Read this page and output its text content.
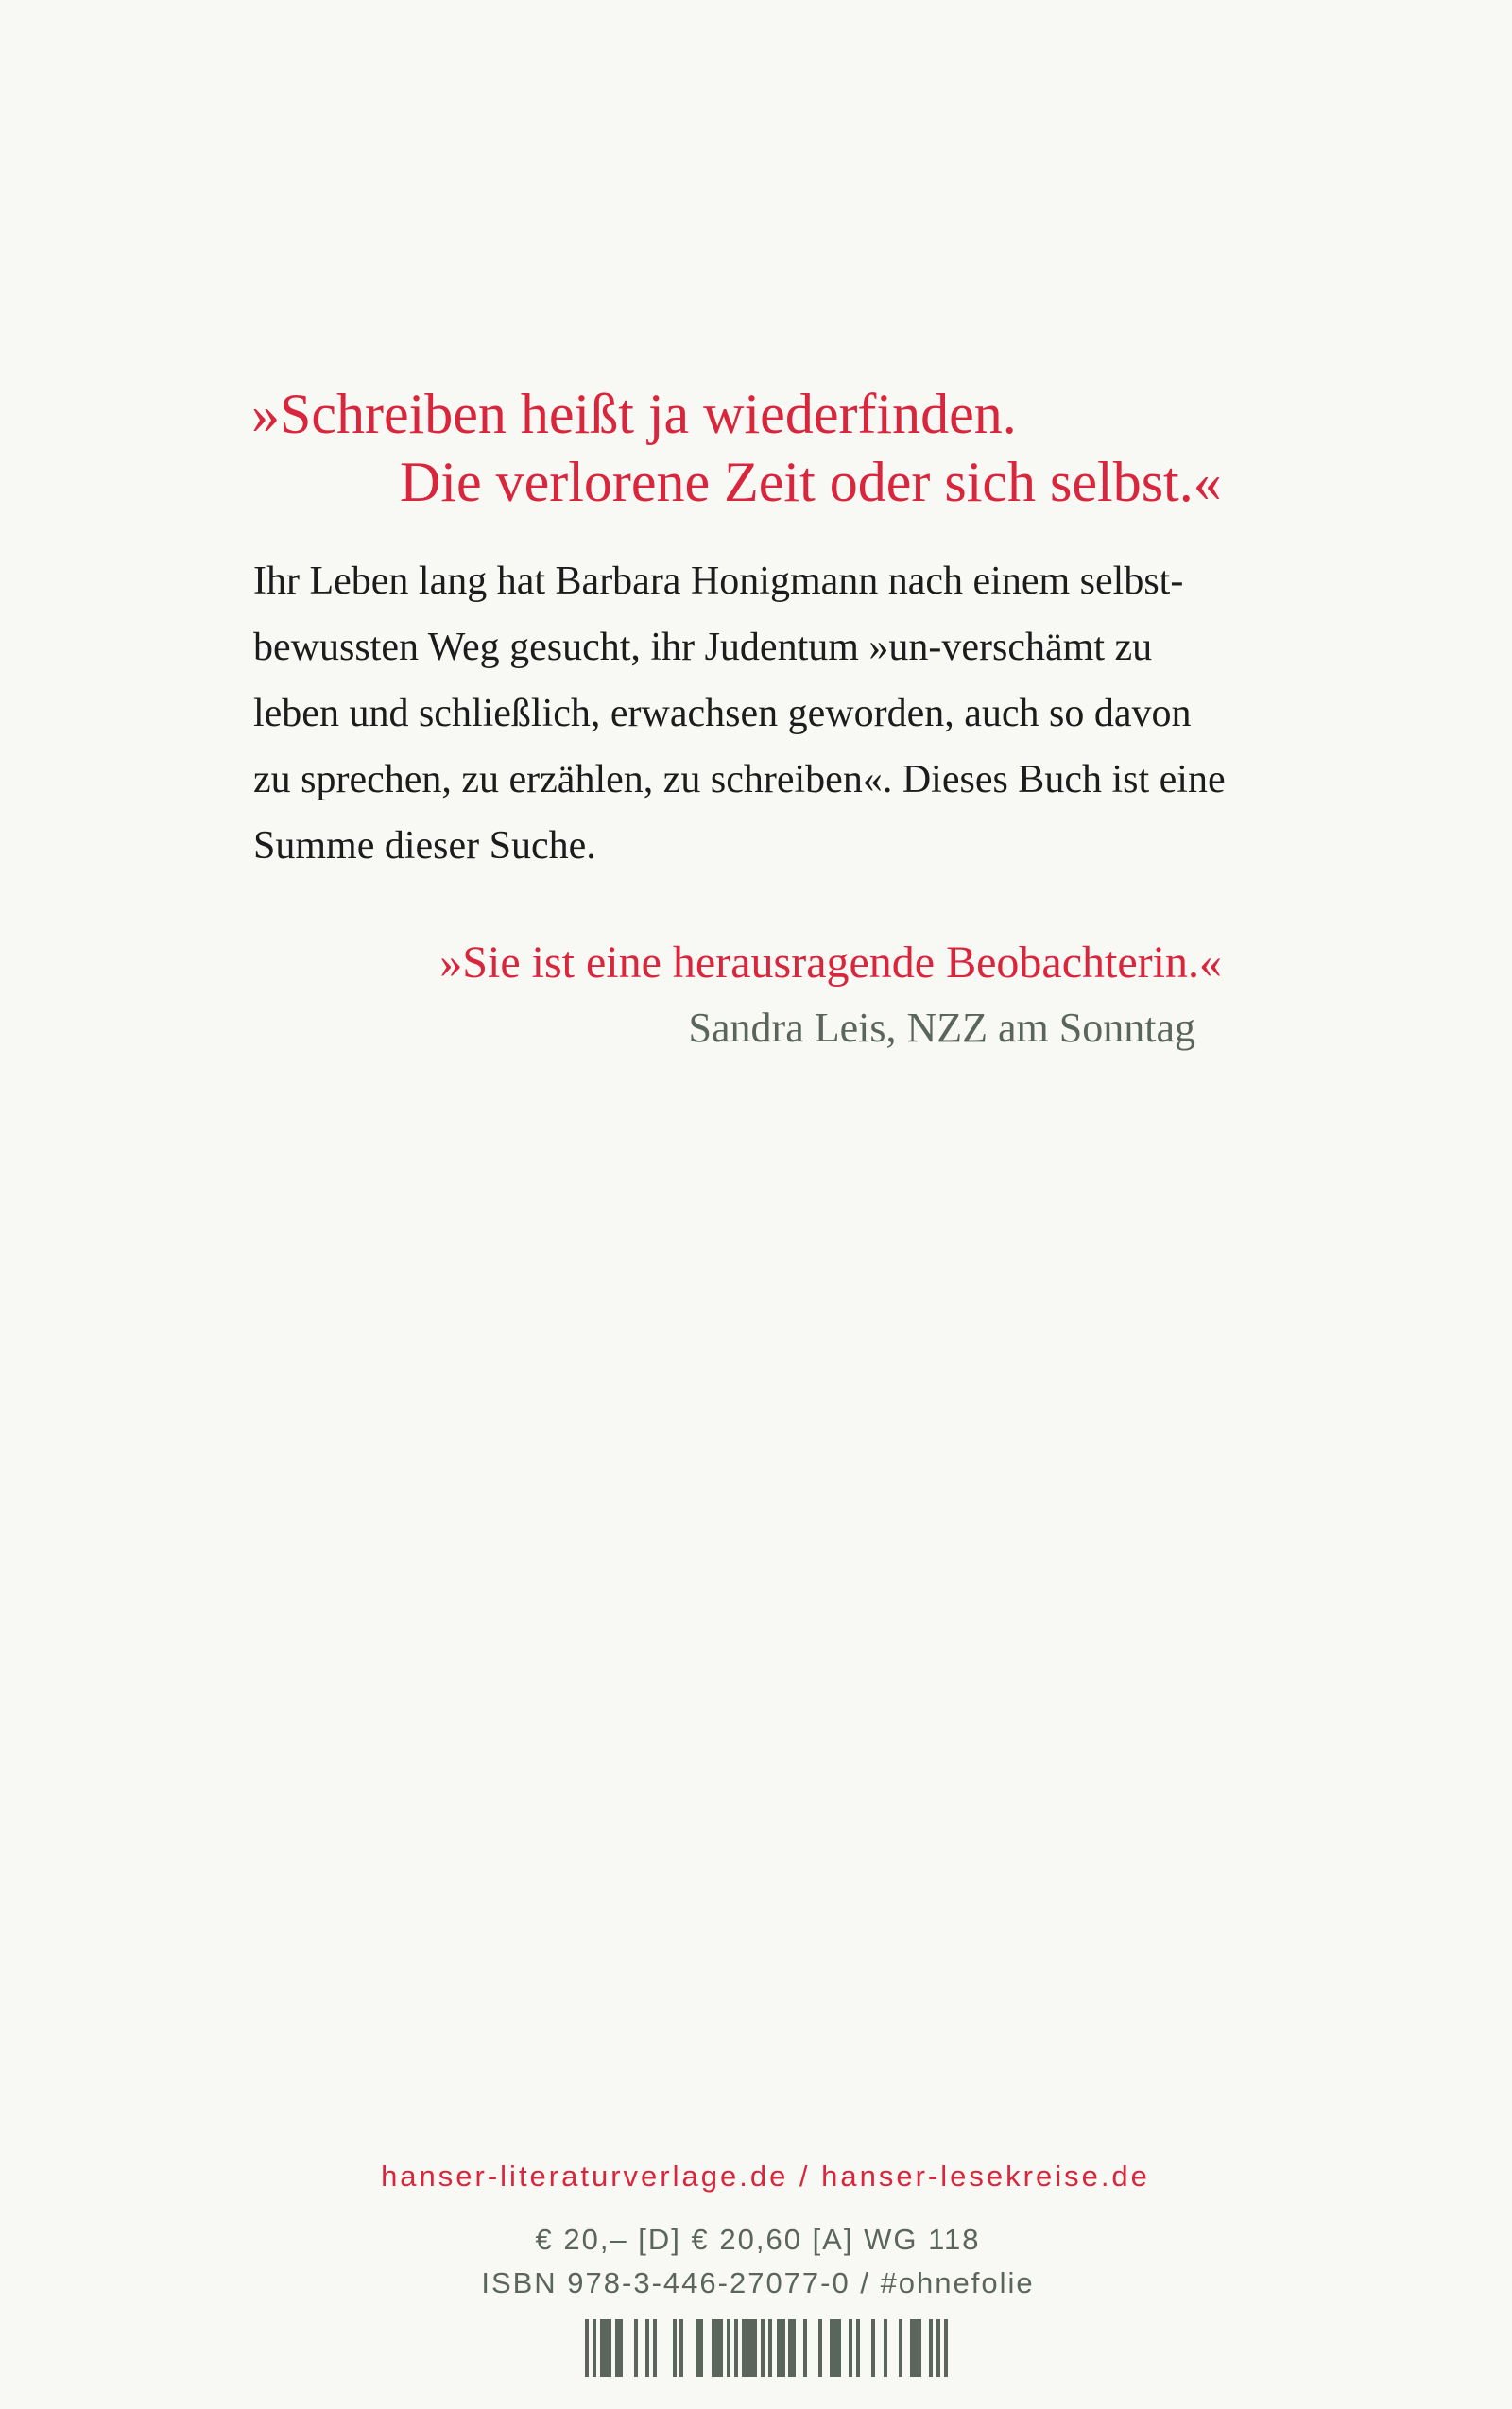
»Schreiben heißt ja wiederfinden.
Die verlorene Zeit oder sich selbst.«
Ihr Leben lang hat Barbara Honigmann nach einem selbst-
bewussten Weg gesucht, ihr Judentum »un-verschämt zu
leben und schließlich, erwachsen geworden, auch so davon
zu sprechen, zu erzählen, zu schreiben«. Dieses Buch ist eine
Summe dieser Suche.
»Sie ist eine herausragende Beobachterin.«
Sandra Leis, NZZ am Sonntag
hanser-literaturverlage.de / hanser-lesekreise.de
€ 20,– [D] € 20,60 [A] WG 118
ISBN 978-3-446-27077-0 / #ohnefolie
